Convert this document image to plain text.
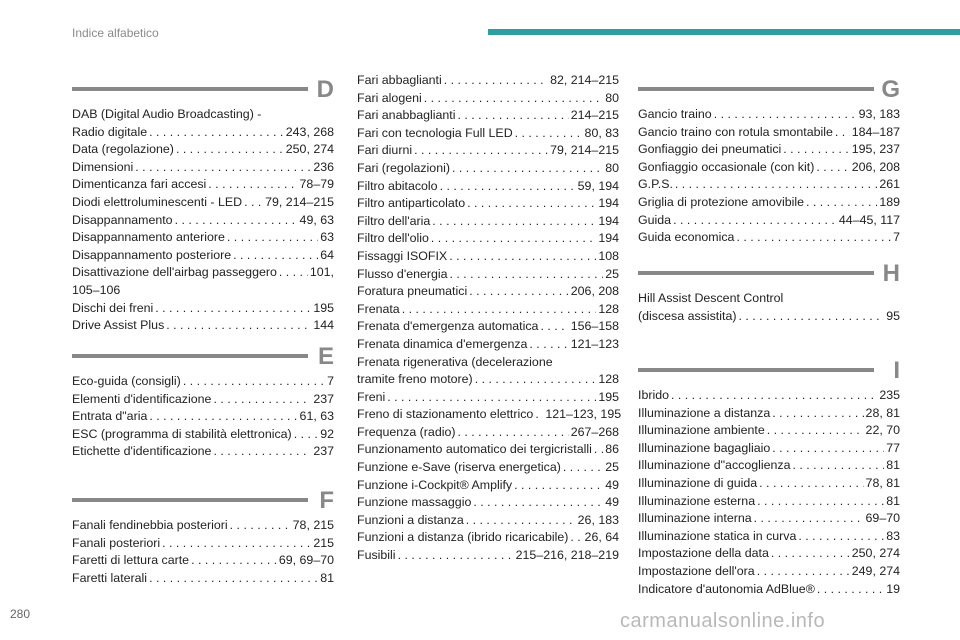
Indice alfabetico
280
D
DAB (Digital Audio Broadcasting) -
Radio digitale . . .	243, 268
Data (regolazione) . . .	250, 274
Dimensioni . . .	236
Dimenticanza fari accesi . . .	78–79
Diodi elettroluminescenti - LED . . . 79, 214–215
Disappannamento . . .	49, 63
Disappannamento anteriore . . .	63
Disappannamento posteriore . . .	64
Disattivazione dell'airbag passeggero . . .	101,
105–106
Dischi dei freni . . .	195
Drive Assist Plus . . .	144
E
Eco-guida (consigli) . . .	7
Elementi d'identificazione . . .	237
Entrata d"aria . . .	61, 63
ESC (programma di stabilità elettronica) . . . 92
Etichette d'identificazione . . .	237
F
Fanali fendinebbia posteriori . . .	78, 215
Fanali posteriori . . .	215
Faretti di lettura carte . . .	69, 69–70
Faretti laterali . . .	81
Fari abbaglianti . . .	82, 214–215
Fari alogeni . . .	80
Fari anabbaglianti . . .	214–215
Fari con tecnologia Full LED . . .	80, 83
Fari diurni . . .	79, 214–215
Fari (regolazioni) . . .	80
Filtro abitacolo . . .	59, 194
Filtro antiparticolato . . .	194
Filtro dell'aria . . .	194
Filtro dell'olio . . .	194
Fissaggi ISOFIX . . .	108
Flusso d'energia . . .	25
Foratura pneumatici . . .	206, 208
Frenata . . .	128
Frenata d'emergenza automatica . . .	156–158
Frenata dinamica d'emergenza . . .	121–123
Frenata rigenerativa (decelerazione
tramite freno motore) . . .	128
Freni . . .	195
Freno di stazionamento elettrico . . . 121–123, 195
Frequenza (radio) . . .	267–268
Funzionamento automatico dei tergicristalli . . . 86
Funzione e-Save (riserva energetica) . . .	25
Funzione i-Cockpit® Amplify . . .	49
Funzione massaggio . . .	49
Funzioni a distanza . . .	26, 183
Funzioni a distanza (ibrido ricaricabile) . . . 26, 64
Fusibili . . .	215–216, 218–219
G
Gancio traino . . .	93, 183
Gancio traino con rotula smontabile . . . 184–187
Gonfiaggio dei pneumatici . . .	195, 237
Gonfiaggio occasionale (con kit) . . .	206, 208
G.P.S. . . .	261
Griglia di protezione amovibile . . .	189
Guida . . .	44–45, 117
Guida economica . . .	7
H
Hill Assist Descent Control
(discesa assistita) . . .	95
I
Ibrido . . .	235
Illuminazione a distanza . . .	28, 81
Illuminazione ambiente . . .	22, 70
Illuminazione bagagliaio . . .	77
Illuminazione d"accoglienza . . .	81
Illuminazione di guida . . .	78, 81
Illuminazione esterna . . .	81
Illuminazione interna . . .	69–70
Illuminazione statica in curva . . .	83
Impostazione della data . . .	250, 274
Impostazione dell'ora . . .	249, 274
Indicatore d'autonomia AdBlue® . . .	19
carmanualsonline.info
